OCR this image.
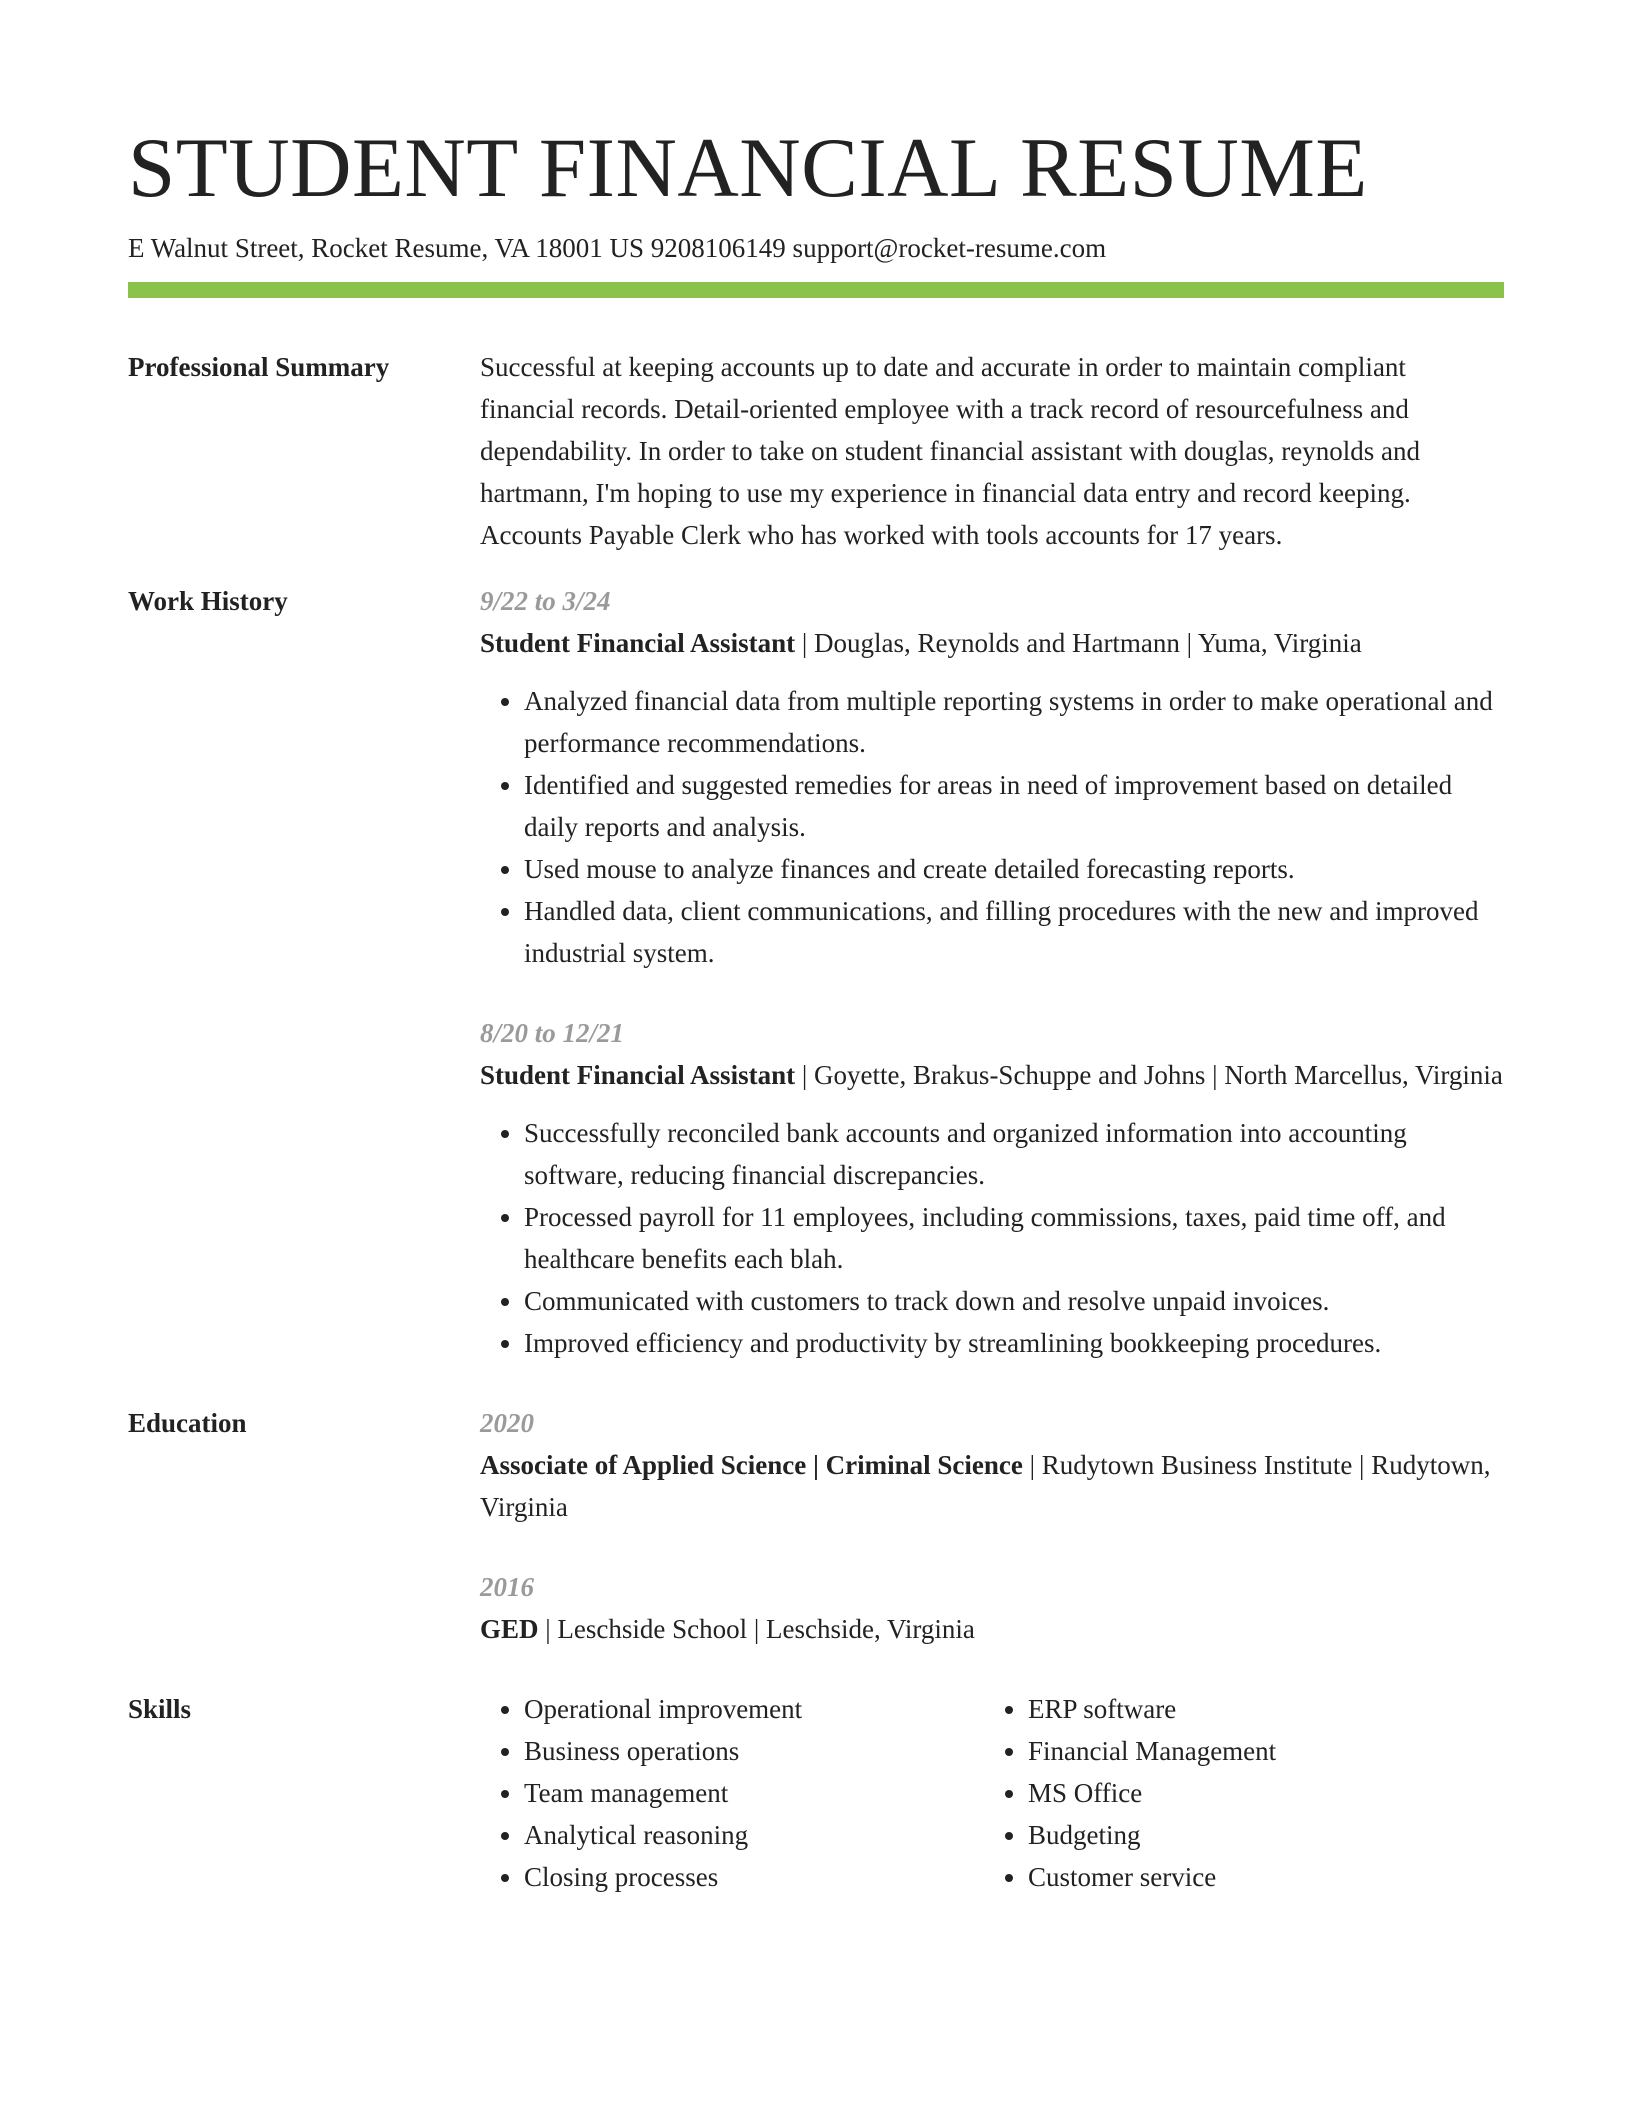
STUDENT FINANCIAL RESUME
E Walnut Street, Rocket Resume, VA 18001 US 9208106149 support@rocket-resume.com
Professional Summary	Successful at keeping accounts up to date and accurate in order to maintain compliant financial records. Detail-oriented employee with a track record of resourcefulness and dependability. In order to take on student financial assistant with douglas, reynolds and hartmann, I'm hoping to use my experience in financial data entry and record keeping. Accounts Payable Clerk who has worked with tools accounts for 17 years.

Work History	9/22 to 3/24
Student Financial Assistant | Douglas, Reynolds and Hartmann | Yuma, Virginia
• Analyzed financial data from multiple reporting systems in order to make operational and performance recommendations.
• Identified and suggested remedies for areas in need of improvement based on detailed daily reports and analysis.
• Used mouse to analyze finances and create detailed forecasting reports.
• Handled data, client communications, and filling procedures with the new and improved industrial system.
8/20 to 12/21
Student Financial Assistant | Goyette, Brakus-Schuppe and Johns | North Marcellus, Virginia
• Successfully reconciled bank accounts and organized information into accounting software, reducing financial discrepancies.
• Processed payroll for 11 employees, including commissions, taxes, paid time off, and healthcare benefits each blah.
• Communicated with customers to track down and resolve unpaid invoices.
• Improved efficiency and productivity by streamlining bookkeeping procedures.
Education	2020
Associate of Applied Science | Criminal Science | Rudytown Business Institute | Rudytown, Virginia
2016
GED | Leschside School | Leschside, Virginia
Skills
•	Operational improvement
• Business operations
• Team management
• Analytical reasoning
• Closing processes
• ERP software
• Financial Management
• MS Office
• Budgeting
• Customer service
